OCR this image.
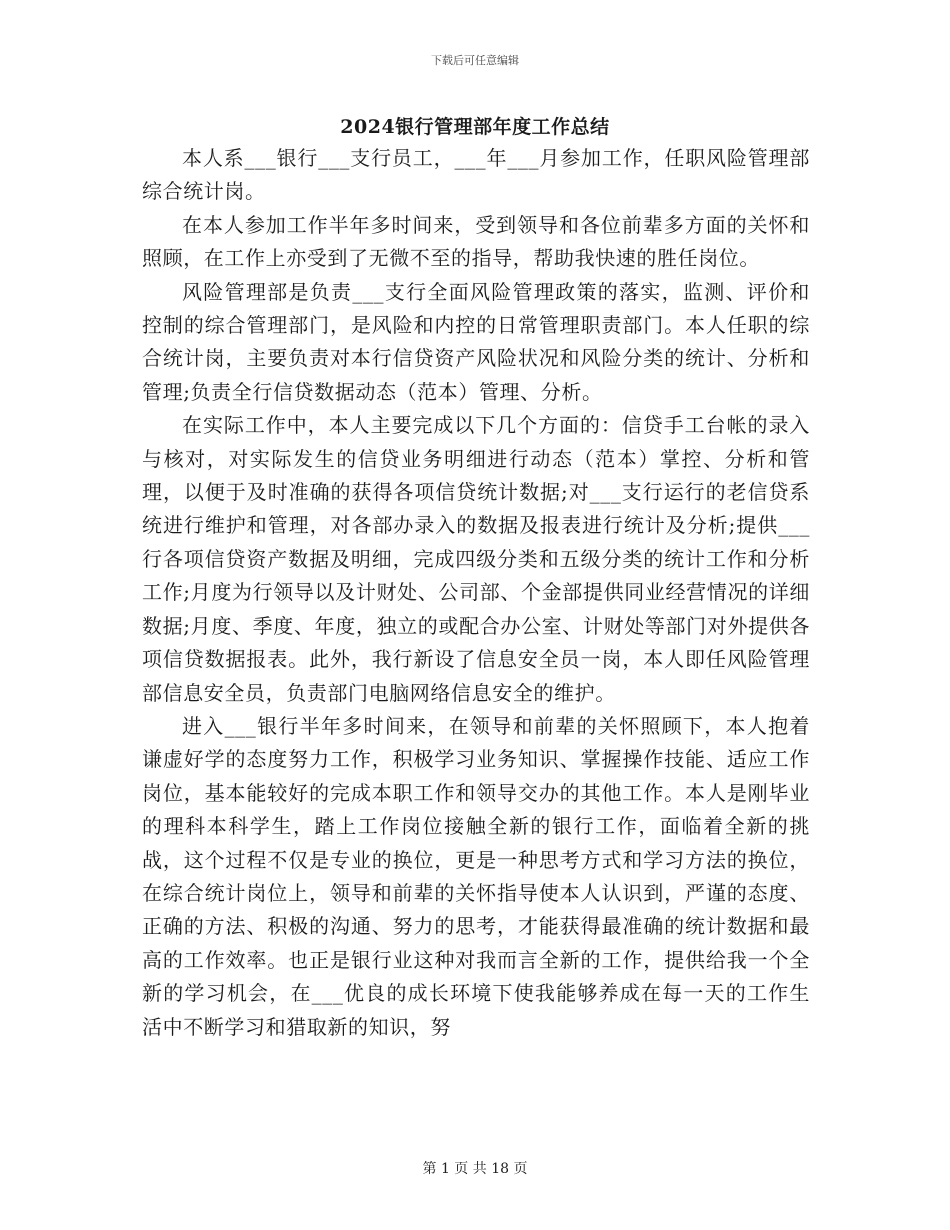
下载后可任意编辑
2024银行管理部年度工作总结

本人系___银行___支行员工，___年___月参加工作，任职风险管理部综合统计岗。

在本人参加工作半年多时间来，受到领导和各位前辈多方面的关怀和照顾，在工作上亦受到了无微不至的指导，帮助我快速的胜任岗位。

风险管理部是负责___支行全面风险管理政策的落实，监测、评价和控制的综合管理部门，是风险和内控的日常管理职责部门。本人任职的综合统计岗，主要负责对本行信贷资产风险状况和风险分类的统计、分析和管理;负责全行信贷数据动态（范本）管理、分析。

在实际工作中，本人主要完成以下几个方面的：信贷手工台帐的录入与核对，对实际发生的信贷业务明细进行动态（范本）掌控、分析和管理，以便于及时准确的获得各项信贷统计数据;对___支行运行的老信贷系统进行维护和管理，对各部办录入的数据及报表进行统计及分析;提供___行各项信贷资产数据及明细，完成四级分类和五级分类的统计工作和分析工作;月度为行领导以及计财处、公司部、个金部提供同业经营情况的详细数据;月度、季度、年度，独立的或配合办公室、计财处等部门对外提供各项信贷数据报表。此外，我行新设了信息安全员一岗，本人即任风险管理部信息安全员，负责部门电脑网络信息安全的维护。

进入___银行半年多时间来，在领导和前辈的关怀照顾下，本人抱着谦虚好学的态度努力工作，积极学习业务知识、掌握操作技能、适应工作岗位，基本能较好的完成本职工作和领导交办的其他工作。本人是刚毕业的理科本科学生，踏上工作岗位接触全新的银行工作，面临着全新的挑战，这个过程不仅是专业的换位，更是一种思考方式和学习方法的换位，在综合统计岗位上，领导和前辈的关怀指导使本人认识到，严谨的态度、正确的方法、积极的沟通、努力的思考，才能获得最准确的统计数据和最高的工作效率。也正是银行业这种对我而言全新的工作，提供给我一个全新的学习机会，在___优良的成长环境下使我能够养成在每一天的工作生活中不断学习和猎取新的知识，努

第 1 页 共 18 页
